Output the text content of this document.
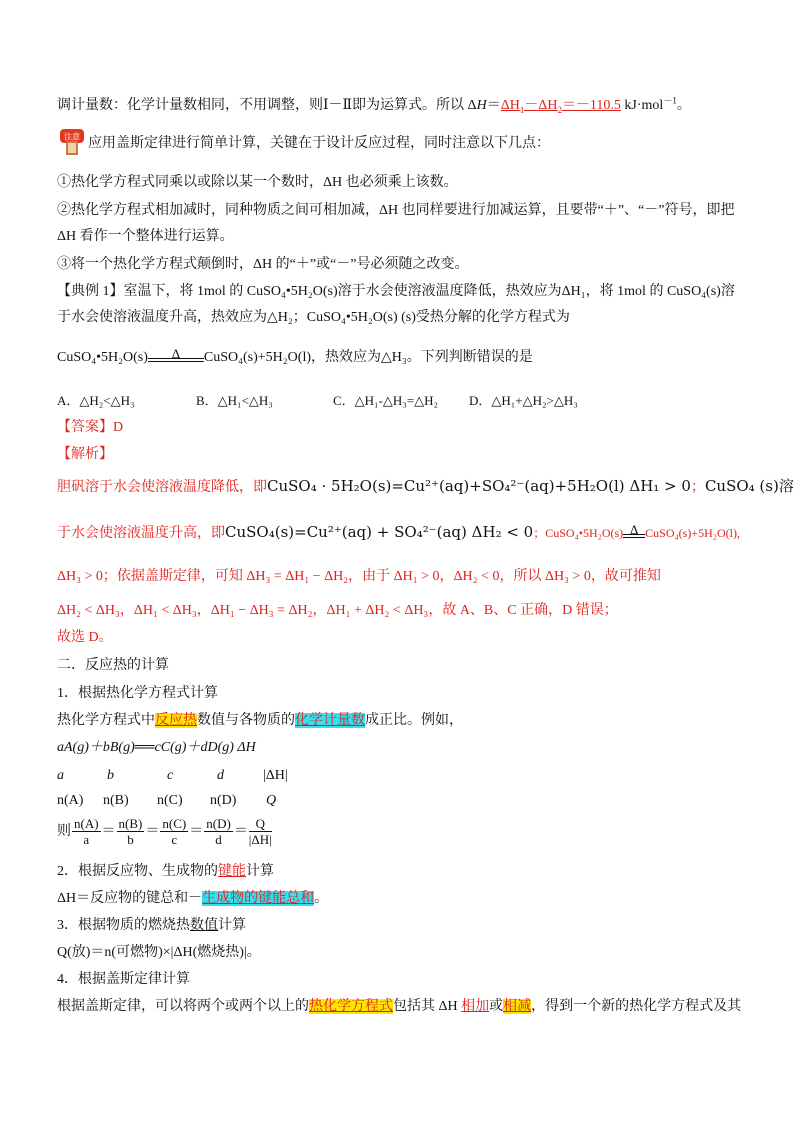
调计量数：化学计量数相同，不用调整，则Ⅰ－Ⅱ即为运算式。所以 $\Delta H=\Delta H_1-\Delta H_2=-110.5$ kJ·mol$^{-1}$。
注意 应用盖斯定律进行简单计算，关键在于设计反应过程，同时注意以下几点：
①热化学方程式同乘以或除以某一个数时，ΔH 也必须乘上该数。
②热化学方程式相加减时，同种物质之间可相加减，ΔH 也同样要进行加减运算，且要带“＋”、“－”符号，即把
ΔH 看作一个整体进行运算。
③将一个热化学方程式颠倒时，ΔH 的“＋”或“－”号必须随之改变。
【典例 1】室温下，将 1mol 的 CuSO₄•5H₂O(s)溶于水会使溶液温度降低，热效应为ΔH₁，将 1mol 的 CuSO₄(s)溶
于水会使溶液温度升高，热效应为△H₂；CuSO₄•5H₂O(s) (s)受热分解的化学方程式为
CuSO₄•5H₂O(s)	Δ	CuSO₄(s)+5H₂O(l)，热效应为△H₃。下列判断错误的是
A．△H₂<△H₃	B．△H₁<△H₃	C．△H₁-△H₃=△H₂ D．△H₁+△H₂>△H₃
【答案】D
【解析】
胆矾溶于水会使溶液温度降低，即CuSO₄ · 5H₂O(s)=Cu²⁺(aq)+SO₄²⁻(aq)+5H₂O(l) ΔH₁ > 0；CuSO₄ (s)溶
于水会使溶液温度升高，即CuSO₄(s)=Cu²⁺(aq) + SO₄²⁻(aq) ΔH₂ < 0；CuSO₄•5H₂O(s) Δ CuSO₄(s)+5H₂O(l),
ΔH₃ > 0；依据盖斯定律，可知 ΔH₃ = ΔH₁ − ΔH₂，由于 ΔH₁ > 0，ΔH₂ < 0，所以 ΔH₃ > 0，故可推知
ΔH₂ < ΔH₃，ΔH₁ < ΔH₃，ΔH₁ − ΔH₃ = ΔH₂，ΔH₁ + ΔH₂ < ΔH₃，故 A、B、C 正确，D 错误；
故选 D。
二．反应热的计算
1．根据热化学方程式计算
热化学方程式中反应热数值与各物质的化学计量数成正比。例如，
aA(g)＋bB(g)══cC(g)＋dD(g) ΔH
a	b	c	d	|ΔH|
n(A) n(B) n(C) n(D) Q
则 $\frac{n(A)}{a} = \frac{n(B)}{b} = \frac{n(C)}{c} = \frac{n(D)}{d} = \frac{Q}{|\Delta H|}$
2．根据反应物、生成物的键能计算
ΔH＝反应物的键总和－生成物的键能总和。
3．根据物质的燃烧热数值计算
Q(放)＝n(可燃物)×|ΔH(燃烧热)|。
4．根据盖斯定律计算
根据盖斯定律，可以将两个或两个以上的热化学方程式包括其 ΔH 相加或相减，得到一个新的热化学方程式及其
